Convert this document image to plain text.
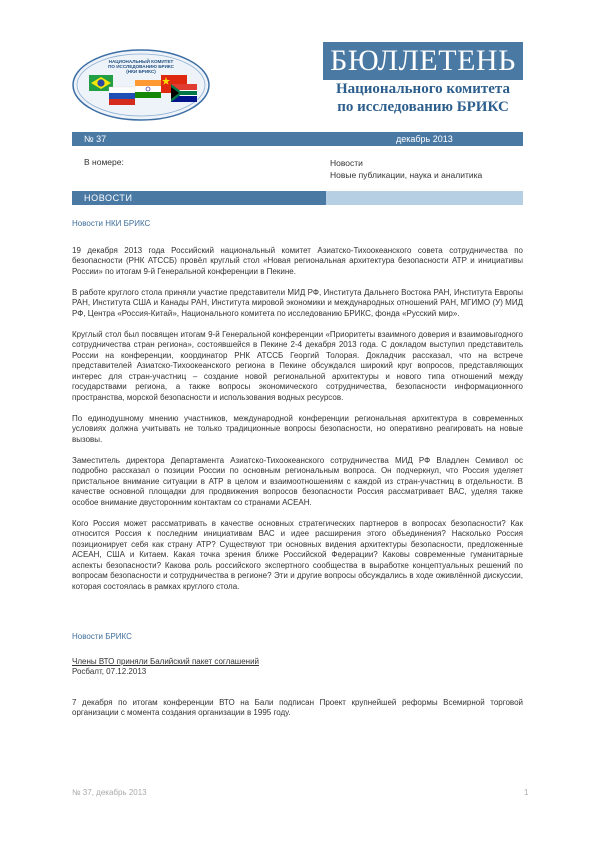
НАЦИОНАЛЬНЫЙ КОМИТЕТ
ПО ИССЛЕДОВАНИЮ БРИКС
(НКИ БРИКС)	БЮЛЛЕТЕНЬ
Национального комитета
по исследованию БРИКС
№ 37	декабрь 2013
В номере:	Новости
Новые публикации, наука и аналитика
НОВОСТИ
Новости НКИ БРИКС

19 декабря 2013 года Российский национальный комитет Азиатско-Тихоокеанского совета сотрудничества по безопасности (РНК АТССБ) провёл круглый стол «Новая региональная архитектура безопасности АТР и инициативы России» по итогам 9-й Генеральной конференции в Пекине.

В работе круглого стола приняли участие представители МИД РФ, Института Дальнего Востока РАН, Института Европы РАН, Института США и Канады РАН, Института мировой экономики и международных отношений РАН, МГИМО (У) МИД РФ, Центра «Россия-Китай», Национального комитета по исследованию БРИКС, фонда «Русский мир».

Круглый стол был посвящен итогам 9-й Генеральной конференции «Приоритеты взаимного доверия и взаимовыгодного сотрудничества стран региона», состоявшейся в Пекине 2-4 декабря 2013 года. С докладом выступил представитель России на конференции, координатор РНК АТССБ Георгий Толорая. Докладчик рассказал, что на встрече представителей Азиатско-Тихоокеанского региона в Пекине обсуждался широкий круг вопросов, представляющих интерес для стран-участниц – создание новой региональной архитектуры и нового типа отношений между государствами региона, а также вопросы экономического сотрудничества, безопасности информационного пространства, морской безопасности и использования водных ресурсов.

По единодушному мнению участников, международной конференции региональная архитектура в современных условиях должна учитывать не только традиционные вопросы безопасности, но оперативно реагировать на новые вызовы.

Заместитель директора Департамента Азиатско-Тихоокеанского сотрудничества МИД РФ Владлен Семивол ос подробно рассказал о позиции России по основным региональным вопроса. Он подчеркнул, что Россия уделяет пристальное внимание ситуации в АТР в целом и взаимоотношениям с каждой из стран-участниц в отдельности. В качестве основной площадки для продвижения вопросов безопасности Россия рассматривает ВАС, уделяя также особое внимание двусторонним контактам со странами АСЕАН.

Кого Россия может рассматривать в качестве основных стратегических партнеров в вопросах безопасности? Как относится Россия к последним инициативам ВАС и идее расширения этого объединения? Насколько Россия позиционирует себя как страну АТР? Существуют три основных видения архитектуры безопасности, предложенные АСЕАН, США и Китаем. Какая точка зрения ближе Российской Федерации? Каковы современные гуманитарные аспекты безопасности? Какова роль российского экспертного сообщества в выработке концептуальных решений по вопросам безопасности и сотрудничества в регионе? Эти и другие вопросы обсуждались в ходе оживлённой дискуссии, которая состоялась в рамках круглого стола.

Новости БРИКС
Члены ВТО приняли Балийский пакет соглашений
Росбалт, 07.12.2013

7 декабря по итогам конференции ВТО на Бали подписан Проект крупнейшей реформы Всемирной торговой организации с момента создания организации в 1995 году.

№ 37, декабрь 2013	1
